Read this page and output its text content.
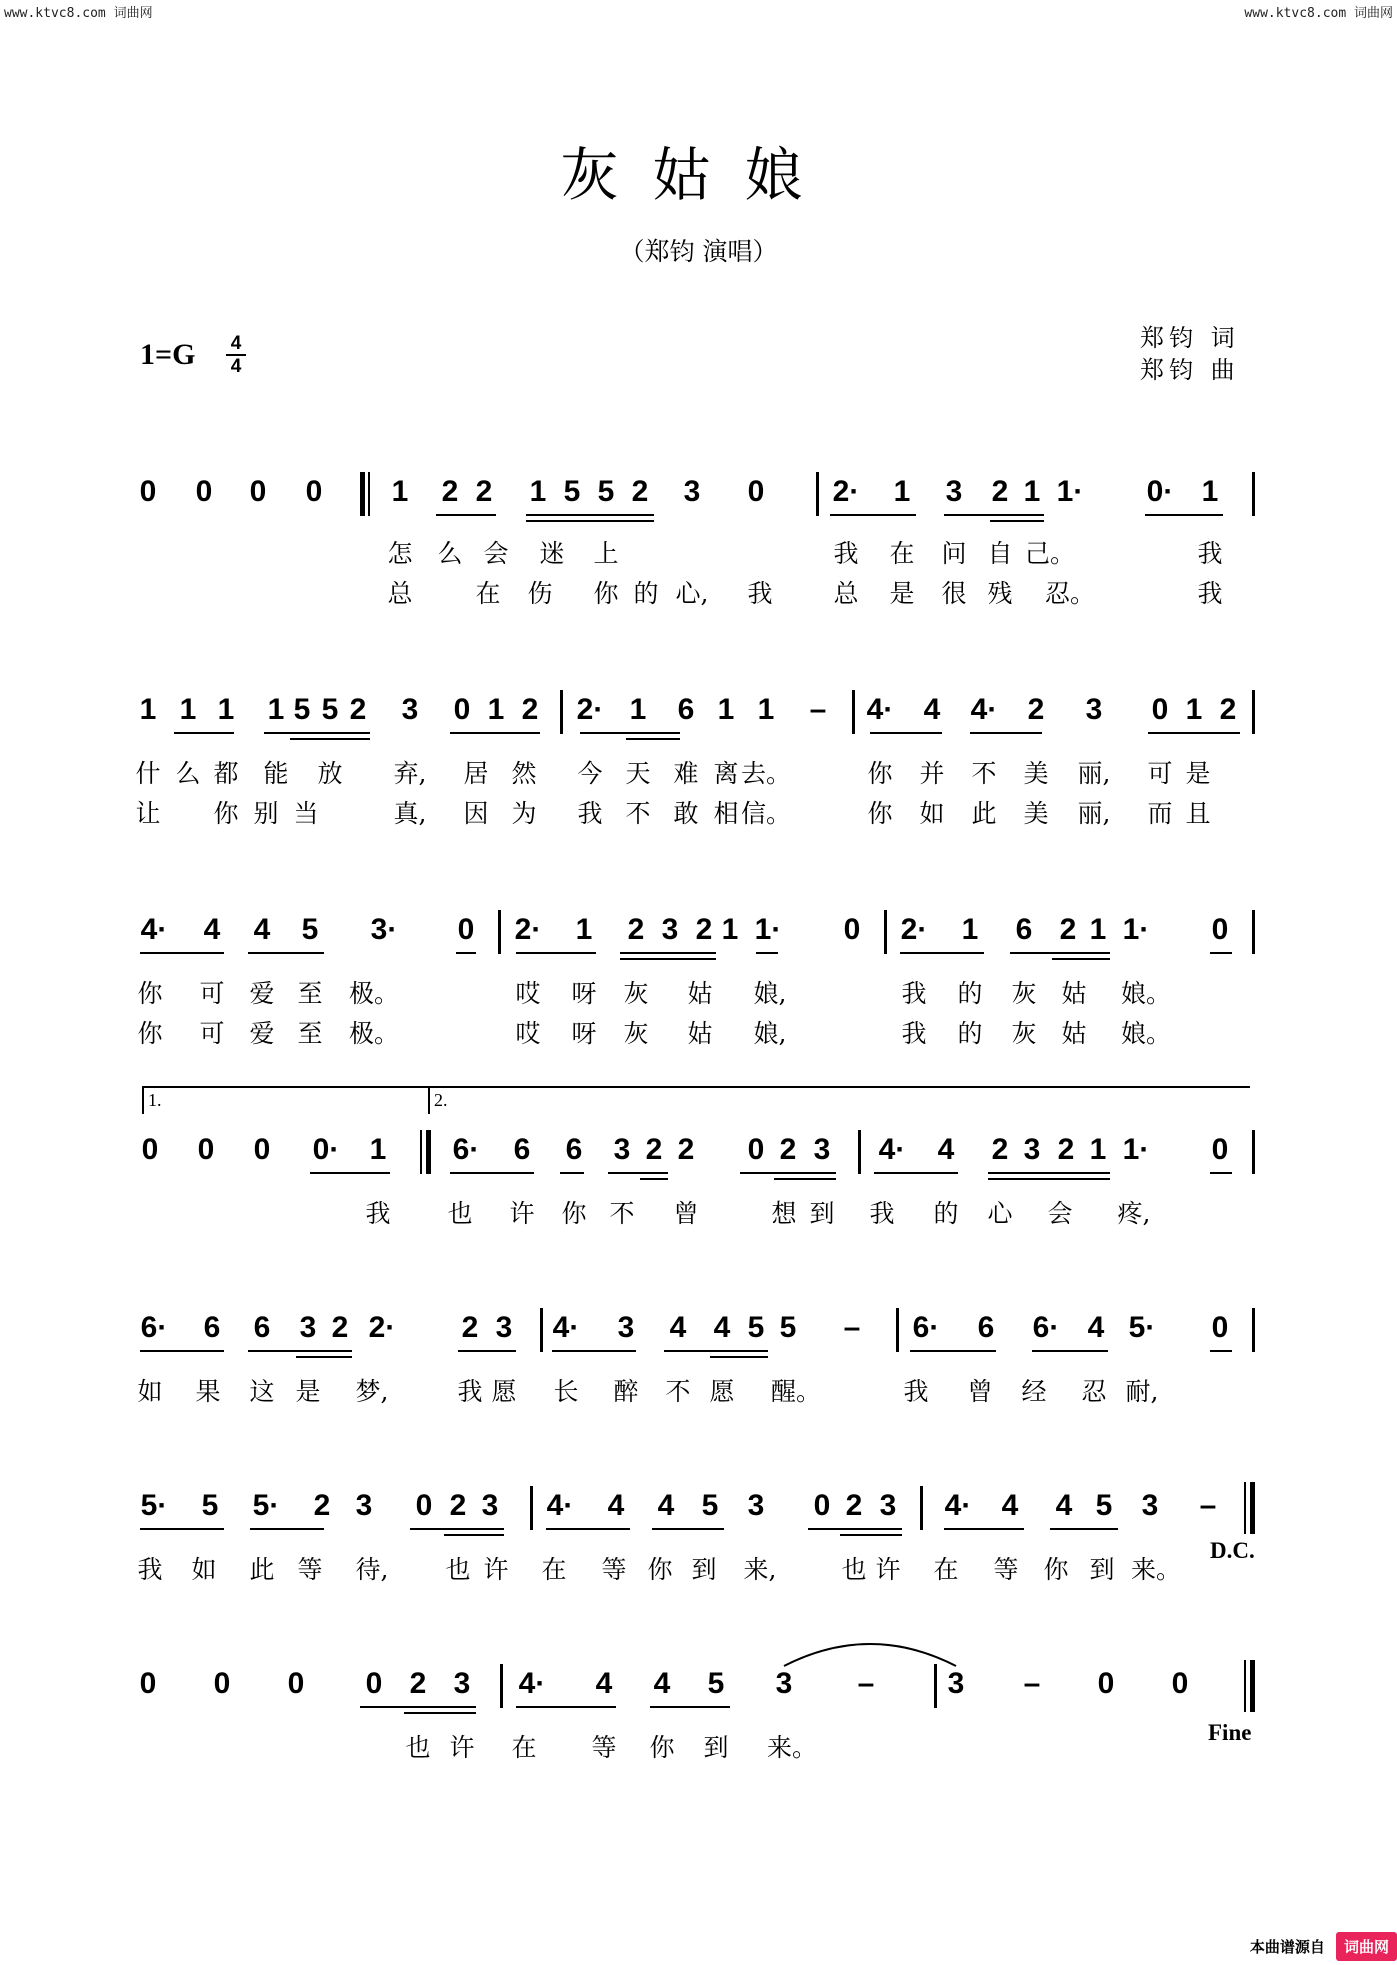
www.ktvc8.com 词曲网	www.ktvc8.com 词曲网
灰姑娘
（郑钧 演唱）
1=G 4
4
郑钧 词
郑钧 曲
0 0 0 0 1 2 2 1 5 5 2 3 0 2· 1 3 2 1 1· 0· 1
怎 么 会 迷 上	我 在 问 自 己。	我
总	在 伤 你 的 心, 我 总 是 很 残 忍。	我
1 1 1 1 5 5 2 3 0 1 2 2· 1 6 1 1 – 4· 4 4· 2 3 0 1 2
什 么 都 能 放 弃, 居 然 今 天 难 离 去。	你 并 不 美 丽, 可 是
让 你 别 当	真, 因 为 我 不 敢 相 信。	你 如 此 美 丽, 而 且
4· 4 4 5 3· 0 2· 1 2 3 2 1 1· 0 2· 1 6 2 1 1· 0
你 可 爱 至 极。	哎 呀 灰 姑 娘,	我 的 灰 姑 娘。
你 可 爱 至 极。	哎 呀 灰 姑 娘,	我 的 灰 姑 娘。
1.	2.
0 0 0 0· 1 6· 6 6 3 2 2 0 2 3 4· 4 2 3 2 1 1· 0
我 也 许 你 不 曾	想 到 我 的 心 会 疼,
6· 6 6 3 2 2· 2 3 4· 3 4 4 5 5 – 6· 6 6· 4 5· 0
如 果 这 是 梦,	我 愿 长 醉 不 愿 醒。	我 曾 经 忍 耐,
5· 5 5· 2 3 0 2 3 4· 4 4 5 3 0 2 3 4· 4 4 5 3 –
我 如 此 等 待, 也 许 在 等 你 到 来,	也 许 在 等 你 到 来。
D.C.
0 0 0 0 2 3 4· 4 4 5 3 – 3 – 0 0
也 许 在 等 你 到 来。
Fine
本曲谱源自 词曲网
